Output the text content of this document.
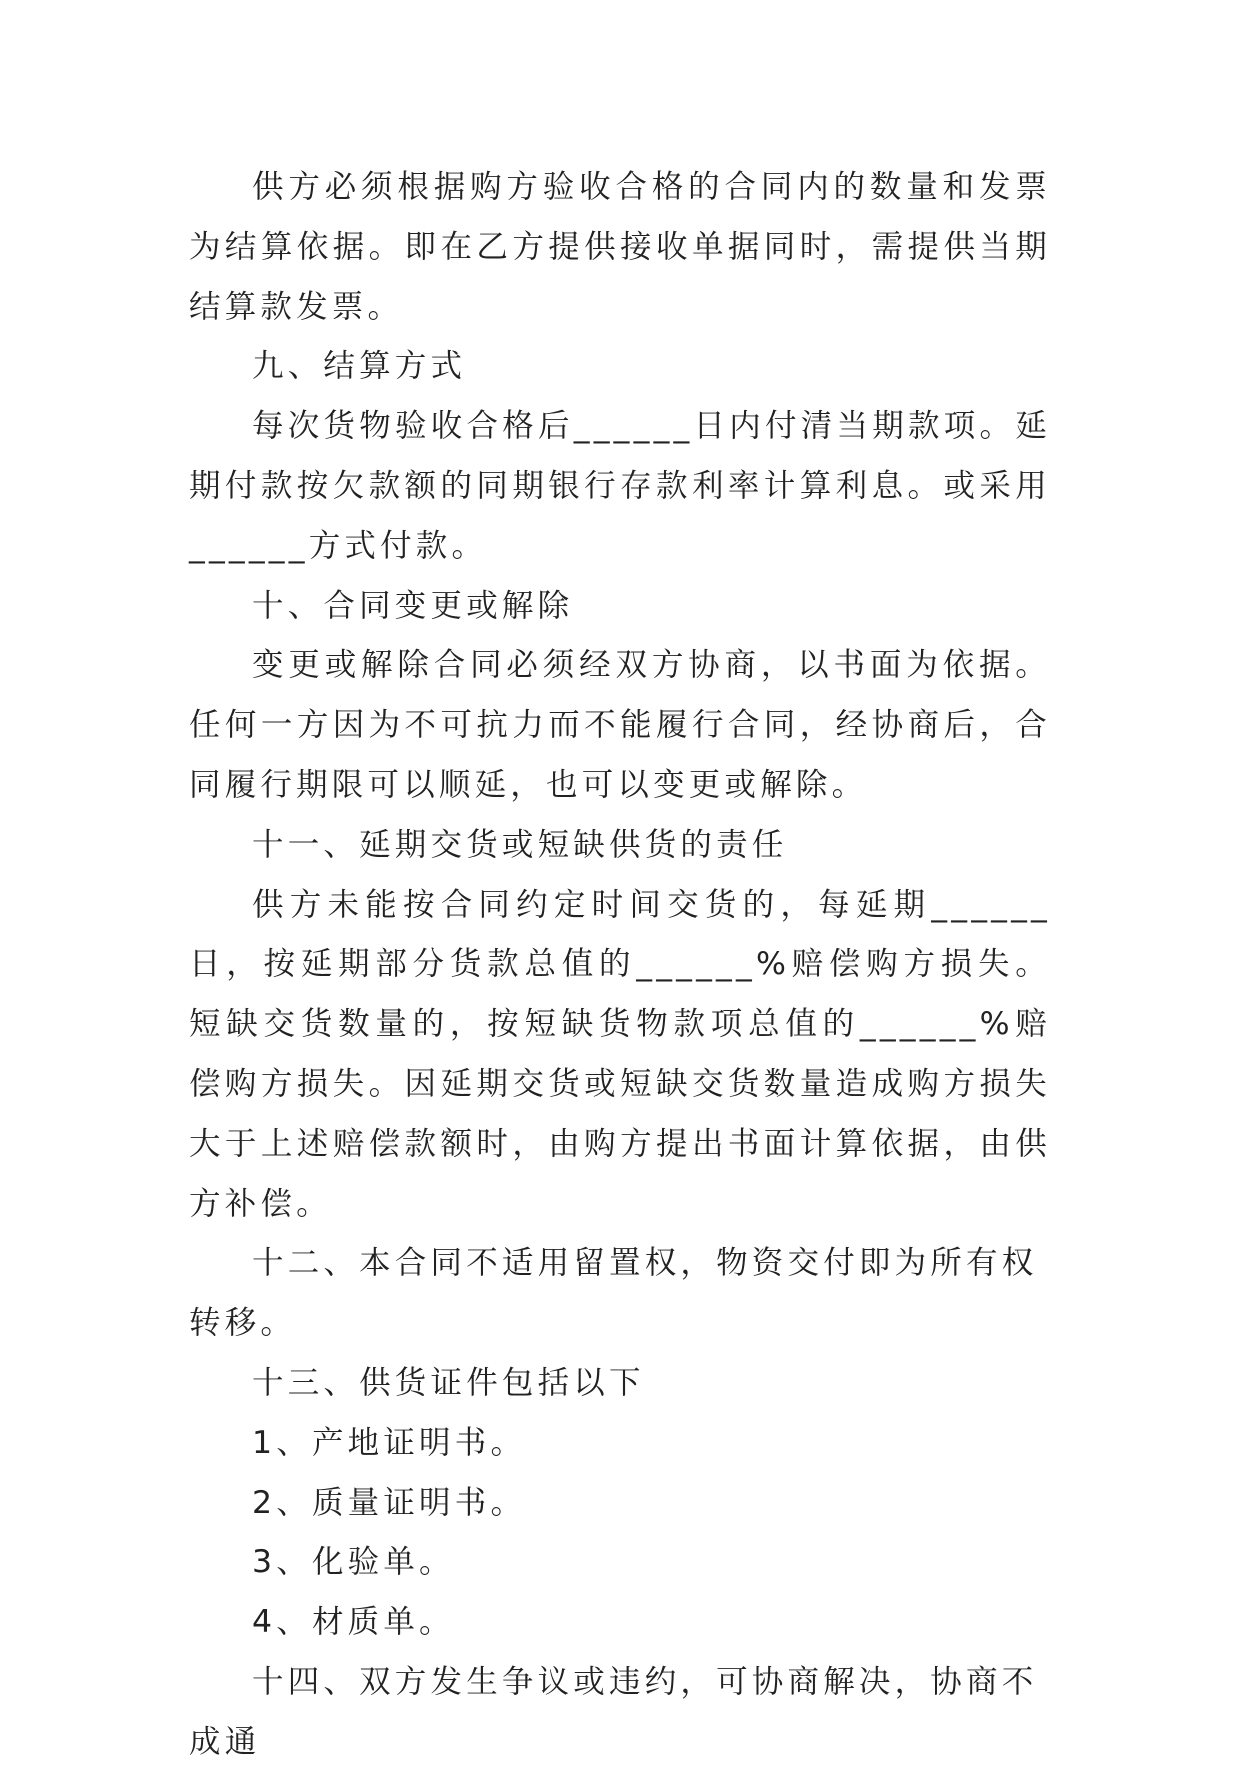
供方必须根据购方验收合格的合同内的数量和发票为结算依据。即在乙方提供接收单据同时，需提供当期结算款发票。

九、结算方式

每次货物验收合格后______日内付清当期款项。延期付款按欠款额的同期银行存款利率计算利息。或采用______方式付款。

十、合同变更或解除

变更或解除合同必须经双方协商，以书面为依据。任何一方因为不可抗力而不能履行合同，经协商后，合同履行期限可以顺延，也可以变更或解除。

十一、延期交货或短缺供货的责任

供方未能按合同约定时间交货的，每延期______日，按延期部分货款总值的______%赔偿购方损失。短缺交货数量的，按短缺货物款项总值的______%赔偿购方损失。因延期交货或短缺交货数量造成购方损失大于上述赔偿款额时，由购方提出书面计算依据，由供方补偿。

十二、本合同不适用留置权，物资交付即为所有权转移。

十三、供货证件包括以下

1、产地证明书。

2、质量证明书。

3、化验单。

4、材质单。

十四、双方发生争议或违约，可协商解决，协商不成通
